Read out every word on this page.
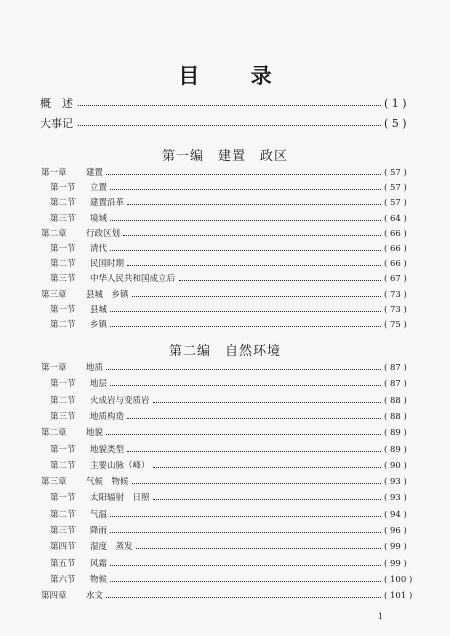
目 录
概　述	( 1 )
大事记	( 5 )
第一编　建置　政区
第一章 建置	( 57 )
第一节 立置	( 57 )
第二节 建置沿革	( 57 )
第三节 境域	( 64 )
第二章 行政区划	( 66 )
第一节 清代	( 66 )
第二节 民国时期	( 66 )
第三节 中华人民共和国成立后	( 67 )
第三章 县城　乡镇	( 73 )
第一节 县城	( 73 )
第二节 乡镇	( 75 )
第二编　自然环境
第一章 地质	( 87 )
第一节 地层	( 87 )
第二节 火成岩与变质岩	( 88 )
第三节 地质构造	( 88 )
第二章 地貌	( 89 )
第一节 地貌类型	( 89 )
第二节 主要山脉（峰）	( 90 )
第三章 气候　物候	( 93 )
第一节 太阳辐射　日照	( 93 )
第二节 气温	( 94 )
第三节 降雨	( 96 )
第四节 湿度　蒸发	( 99 )
第五节 风霜	( 99 )
第六节 物候	( 100 )
第四章 水文	( 101 )
1
